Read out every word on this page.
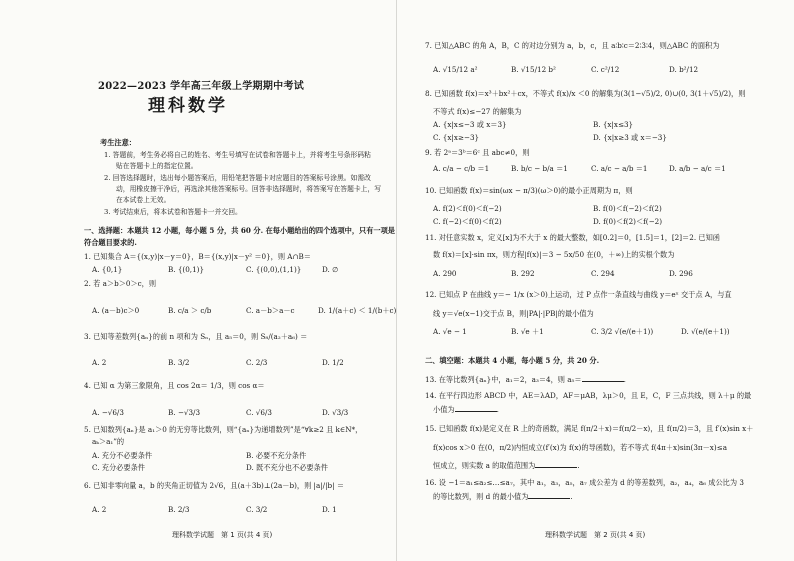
2022—2023 学年高三年级上学期期中考试
理科数学
考生注意：
1. 答题前，考生务必将自己的姓名、考生号填写在试卷和答题卡上，并将考生号条形码粘
贴在答题卡上的指定位置。
2. 回答选择题时，选出每小题答案后，用铅笔把答题卡对应题目的答案标号涂黑。如需改
动，用橡皮擦干净后，再选涂其他答案标号。回答非选择题时，将答案写在答题卡上，写
在本试卷上无效。
3. 考试结束后，将本试卷和答题卡一并交回。
一、选择题：本题共 12 小题，每小题 5 分，共 60 分. 在每小题给出的四个选项中，只有一项是
符合题目要求的.
1. 已知集合 A＝{(x,y)|x－y＝0}，B＝{(x,y)|x－y² ＝0}，则 A∩B＝
A. {0,1}	B. {(0,1)}	C. {(0,0),(1,1)}	D. ∅
2. 若 a＞b＞0＞c，则
A. (a－b)c＞0	B. c/a ＞ c/b	C. a－b＞a－c	D. 1/(a＋c) ＜ 1/(b＋c)
3. 已知等差数列{aₙ}的前 n 项和为 Sₙ，且 a₅＝0，则 S₈/(a₂＋a₆) ＝
A. 2	B. 3/2	C. 2/3	D. 1/2
4. 已知 α 为第三象限角，且 cos 2α＝ 1/3，则 cos α＝
A. −√6/3	B. −√3/3	C. √6/3	D. √3/3
5. 已知数列{aₙ}是 a₁＞0 的无穷等比数列，则“{aₙ}为递增数列”是“∀k≥2 且 k∈N*，
aₖ＞a₁”的
A. 充分不必要条件	B. 必要不充分条件
C. 充分必要条件	D. 既不充分也不必要条件
6. 已知非零向量 a，b 的夹角正切值为 2√6，且(a＋3b)⊥(2a－b)，则 |a|/|b| ＝
A. 2	B. 2/3	C. 3/2	D. 1
理科数学试题　第 1 页(共 4 页)
7. 已知△ABC 的角 A，B，C 的对边分别为 a，b，c，且 a∶b∶c＝2∶3∶4，则△ABC 的面积为
A. √15/12 a²	B. √15/12 b²	C. c²/12	D. b²/12
8. 已知函数 f(x)＝x³＋bx²＋cx，不等式 f(x)/x ＜0 的解集为(3(1−√5)/2, 0)∪(0, 3(1＋√5)/2)，则
不等式 f(x)≤−27 的解集为
A. {x|x≤−3 或 x＝3}	B. {x|x≤3}
C. {x|x≥−3}	D. {x|x≥3 或 x＝−3}
9. 若 2ᵃ＝3ᵇ＝6ᶜ 且 abc≠0，则
A. c/a − c/b ＝1	B. b/c − b/a ＝1	C. a/c − a/b ＝1	D. a/b − a/c ＝1
10. 已知函数 f(x)＝sin(ωx − π/3)(ω＞0)的最小正周期为 π，则
A. f(2)＜f(0)＜f(−2)	B. f(0)＜f(−2)＜f(2)
C. f(−2)＜f(0)＜f(2)	D. f(0)＜f(2)＜f(−2)
11. 对任意实数 x，定义[x]为不大于 x 的最大整数，如[0.2]＝0，[1.5]＝1，[2]＝2. 已知函
数 f(x)＝[x]·sin πx，则方程|f(x)|＝3 − 5x/50 在(0，＋∞)上的实根个数为
A. 290	B. 292	C. 294	D. 296
12. 已知点 P 在曲线 y＝− 1/x (x＞0)上运动，过 P 点作一条直线与曲线 y＝eˣ 交于点 A，与直
线 y＝√e(x−1)交于点 B，则|PA|·|PB|的最小值为
A. √e − 1	B. √e ＋1	C. 3/2 √(e/(e＋1))	D. √(e/(e＋1))
二、填空题：本题共 4 小题，每小题 5 分，共 20 分.
13. 在等比数列{aₙ}中，a₁＝2，a₃＝4，则 a₅＝	.
14. 在平行四边形 ABCD 中，AE＝λAD，AF＝μAB，λμ＞0，且 E，C，F 三点共线，则 λ＋μ 的最
小值为	.
15. 已知函数 f(x)是定义在 R 上的奇函数，满足 f(π/2＋x)＝f(π/2－x)，且 f(π/2)＝3，且 f′(x)sin x＋
f(x)cos x＞0 在(0，π/2)内恒成立(f′(x)为 f(x)的导函数)，若不等式 f(4π＋x)sin(3π－x)≤a
恒成立，则实数 a 的取值范围为	.
16. 设 −1＝a₁≤a₂≤…≤a₇，其中 a₁，a₃，a₅，a₇ 成公差为 d 的等差数列，a₂，a₄，a₆ 成公比为 3
的等比数列，则 d 的最小值为	.
理科数学试题　第 2 页(共 4 页)
